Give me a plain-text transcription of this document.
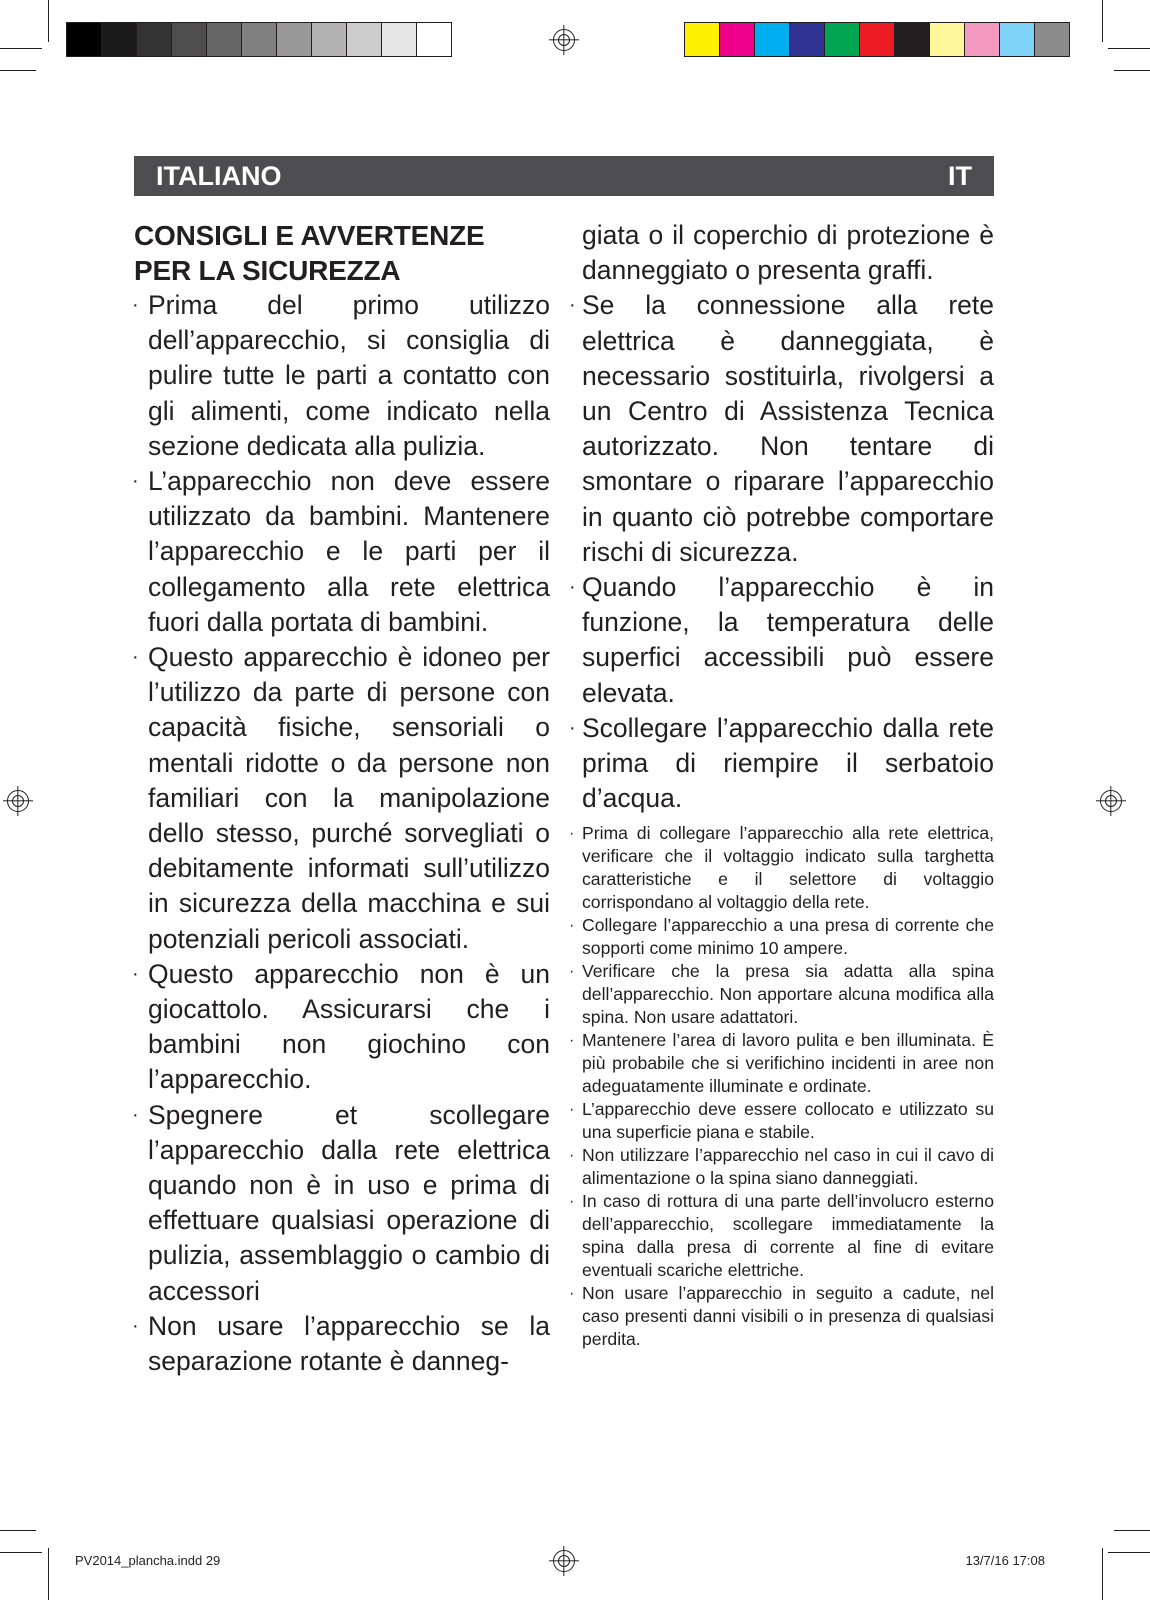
ITALIANO	IT
CONSIGLI E AVVERTENZE
PER LA SICUREZZA
· Prima del primo utilizzo dell’apparecchio, si consiglia di pulire tutte le parti a contatto con gli alimenti, come indicato nella sezione dedicata alla pulizia.
· L’apparecchio non deve essere utilizzato da bambini. Mantenere l’apparecchio e le parti per il collegamento alla rete elettrica fuori dalla portata di bambini.
· Questo apparecchio è idoneo per l’utilizzo da parte di persone con capacità fisiche, sensoriali o mentali ridotte o da persone non familiari con la manipolazione dello stesso, purché sorvegliati o debitamente informati sull’utilizzo in sicurezza della macchina e sui potenziali pericoli associati.
· Questo apparecchio non è un giocattolo. Assicurarsi che i bambini non giochino con l’apparecchio.
· Spegnere et scollegare l’apparecchio dalla rete elettrica quando non è in uso e prima di effettuare qualsiasi operazione di pulizia, assemblaggio o cambio di accessori
· Non usare l’apparecchio se la separazione rotante è danneg-

giata o il coperchio di protezione è danneggiato o presenta graffi.

· Se la connessione alla rete elettrica è danneggiata, è necessario sostituirla, rivolgersi a un Centro di Assistenza Tecnica autorizzato. Non tentare di smontare o riparare l’apparecchio in quanto ciò potrebbe comportare rischi di sicurezza.
· Quando l’apparecchio è in funzione, la temperatura delle superfici accessibili può essere elevata.
· Scollegare l’apparecchio dalla rete prima di riempire il serbatoio d’acqua.
· Prima di collegare l’apparecchio alla rete elettrica, verificare che il voltaggio indicato sulla targhetta caratteristiche e il selettore di voltaggio corrispondano al voltaggio della rete.
· Collegare l’apparecchio a una presa di corrente che sopporti come minimo 10 ampere.
· Verificare che la presa sia adatta alla spina dell’apparecchio. Non apportare alcuna modifica alla spina. Non usare adattatori.
· Mantenere l’area di lavoro pulita e ben illuminata. È più probabile che si verifichino incidenti in aree non adeguatamente illuminate e ordinate.
· L’apparecchio deve essere collocato e utilizzato su una superficie piana e stabile.
· Non utilizzare l’apparecchio nel caso in cui il cavo di alimentazione o la spina siano danneggiati.
· In caso di rottura di una parte dell’involucro esterno dell’apparecchio, scollegare immediatamente la spina dalla presa di corrente al fine di evitare eventuali scariche elettriche.
· Non usare l’apparecchio in seguito a cadute, nel caso presenti danni visibili o in presenza di qualsiasi perdita.
PV2014_plancha.indd 29	13/7/16 17:08
